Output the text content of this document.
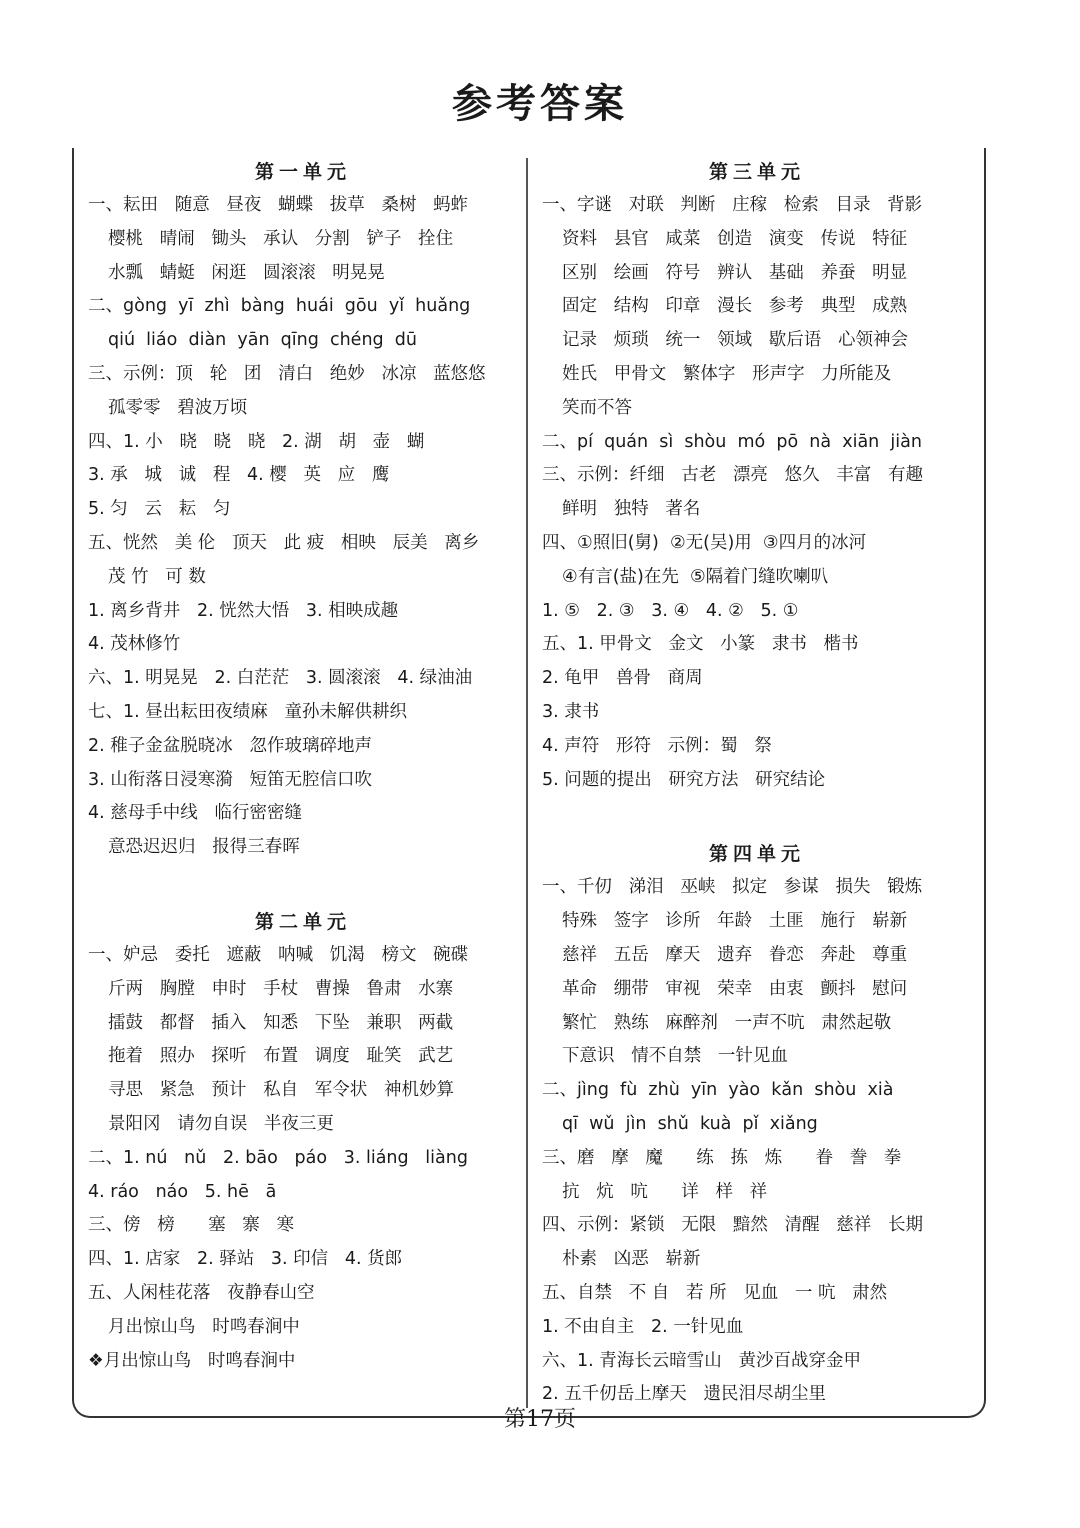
参考答案
第一单元
一、耘田   随意   昼夜   蝴蝶   拔草   桑树   蚂蚱
樱桃   晴闹   锄头   承认   分割   铲子   拴住
水瓢   蜻蜓   闲逛   圆滚滚   明晃晃
二、gòng  yī  zhì  bàng  huái  gōu  yǐ  huǎng
qiú  liáo  diàn  yān  qīng  chéng  dū
三、示例：顶   轮   团   清白   绝妙   冰凉   蓝悠悠
孤零零   碧波万顷
四、1. 小   晓   晓   晓   2. 湖   胡   壶   蝴
3. 承   城   诚   程   4. 樱   英   应   鹰
5. 匀   云   耘   匀
五、恍然   美 伦   顶天   此 疲   相映   辰美   离乡
茂 竹   可 数
1. 离乡背井   2. 恍然大悟   3. 相映成趣
4. 茂林修竹
六、1. 明晃晃   2. 白茫茫   3. 圆滚滚   4. 绿油油
七、1. 昼出耘田夜绩麻   童孙未解供耕织
2. 稚子金盆脱晓冰   忽作玻璃碎地声
3. 山衔落日浸寒漪   短笛无腔信口吹
4. 慈母手中线   临行密密缝
意恐迟迟归   报得三春晖
第二单元
一、妒忌   委托   遮蔽   呐喊   饥渴   榜文   碗碟
斤两   胸膛   申时   手杖   曹操   鲁肃   水寨
擂鼓   都督   插入   知悉   下坠   兼职   两截
拖着   照办   探听   布置   调度   耻笑   武艺
寻思   紧急   预计   私自   军令状   神机妙算
景阳冈   请勿自误   半夜三更
二、1. nú   nǔ   2. bāo   páo   3. liáng   liàng
4. ráo   náo   5. hē   ā
三、傍   榜      塞   寨   寒
四、1. 店家   2. 驿站   3. 印信   4. 货郎
五、人闲桂花落   夜静春山空
月出惊山鸟   时鸣春涧中
❖月出惊山鸟   时鸣春涧中
第三单元
一、字谜   对联   判断   庄稼   检索   目录   背影
资料   县官   咸菜   创造   演变   传说   特征
区别   绘画   符号   辨认   基础   养蚕   明显
固定   结构   印章   漫长   参考   典型   成熟
记录   烦琐   统一   领域   歇后语   心领神会
姓氏   甲骨文   繁体字   形声字   力所能及
笑而不答
二、pí  quán  sì  shòu  mó  pō  nà  xiān  jiàn
三、示例：纤细   古老   漂亮   悠久   丰富   有趣
鲜明   独特   著名
四、①照旧(舅)  ②无(吴)用  ③四月的冰河
④有言(盐)在先  ⑤隔着门缝吹喇叭
1. ⑤   2. ③   3. ④   4. ②   5. ①
五、1. 甲骨文   金文   小篆   隶书   楷书
2. 龟甲   兽骨   商周
3. 隶书
4. 声符   形符   示例：蜀   祭
5. 问题的提出   研究方法   研究结论
第四单元
一、千仞   涕泪   巫峡   拟定   参谋   损失   锻炼
特殊   签字   诊所   年龄   土匪   施行   崭新
慈祥   五岳   摩天   遗弃   眷恋   奔赴   尊重
革命   绷带   审视   荣幸   由衷   颤抖   慰问
繁忙   熟练   麻醉剂   一声不吭   肃然起敬
下意识   情不自禁   一针见血
二、jìng  fù  zhù  yīn  yào  kǎn  shòu  xià
qī  wǔ  jìn  shǔ  kuà  pǐ  xiǎng
三、磨   摩   魔      练   拣   炼      眷   誊   拳
抗   炕   吭      详   样   祥
四、示例：紧锁   无限   黯然   清醒   慈祥   长期
朴素   凶恶   崭新
五、自禁   不 自   若 所   见血   一 吭   肃然
1. 不由自主   2. 一针见血
六、1. 青海长云暗雪山   黄沙百战穿金甲
2. 五千仞岳上摩天   遗民泪尽胡尘里
第17页
